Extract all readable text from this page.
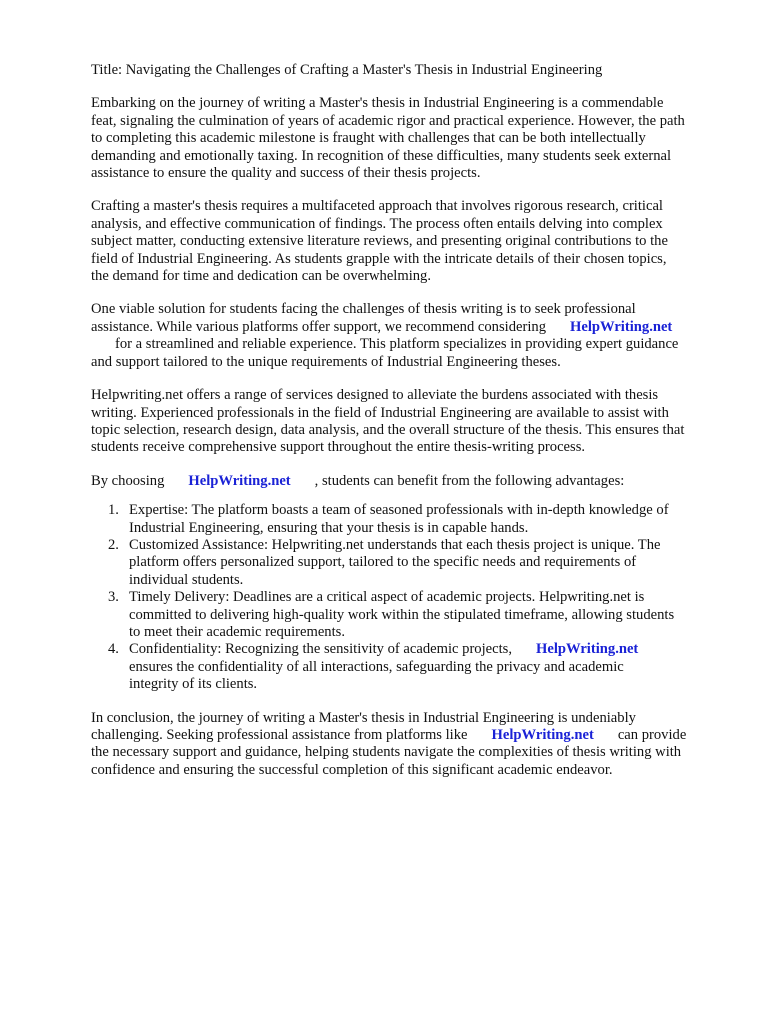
Title: Navigating the Challenges of Crafting a Master's Thesis in Industrial Engineering

Embarking on the journey of writing a Master's thesis in Industrial Engineering is a commendable
feat, signaling the culmination of years of academic rigor and practical experience. However, the path
to completing this academic milestone is fraught with challenges that can be both intellectually
demanding and emotionally taxing. In recognition of these difficulties, many students seek external
assistance to ensure the quality and success of their thesis projects.

Crafting a master's thesis requires a multifaceted approach that involves rigorous research, critical
analysis, and effective communication of findings. The process often entails delving into complex
subject matter, conducting extensive literature reviews, and presenting original contributions to the
field of Industrial Engineering. As students grapple with the intricate details of their chosen topics,
the demand for time and dedication can be overwhelming.

One viable solution for students facing the challenges of thesis writing is to seek professional
assistance. While various platforms offer support, we recommend considering HelpWriting.net
for a streamlined and reliable experience. This platform specializes in providing expert guidance
and support tailored to the unique requirements of Industrial Engineering theses.

Helpwriting.net offers a range of services designed to alleviate the burdens associated with thesis
writing. Experienced professionals in the field of Industrial Engineering are available to assist with
topic selection, research design, data analysis, and the overall structure of the thesis. This ensures that
students receive comprehensive support throughout the entire thesis-writing process.

By choosing HelpWriting.net , students can benefit from the following advantages:

1. Expertise: The platform boasts a team of seasoned professionals with in-depth knowledge of
Industrial Engineering, ensuring that your thesis is in capable hands.
2. Customized Assistance: Helpwriting.net understands that each thesis project is unique. The
platform offers personalized support, tailored to the specific needs and requirements of
individual students.
3. Timely Delivery: Deadlines are a critical aspect of academic projects. Helpwriting.net is
committed to delivering high-quality work within the stipulated timeframe, allowing students
to meet their academic requirements.
4. Confidentiality: Recognizing the sensitivity of academic projects, HelpWriting.net
ensures the confidentiality of all interactions, safeguarding the privacy and academic
integrity of its clients.

In conclusion, the journey of writing a Master's thesis in Industrial Engineering is undeniably
challenging. Seeking professional assistance from platforms like HelpWriting.net can provide
the necessary support and guidance, helping students navigate the complexities of thesis writing with
confidence and ensuring the successful completion of this significant academic endeavor.
